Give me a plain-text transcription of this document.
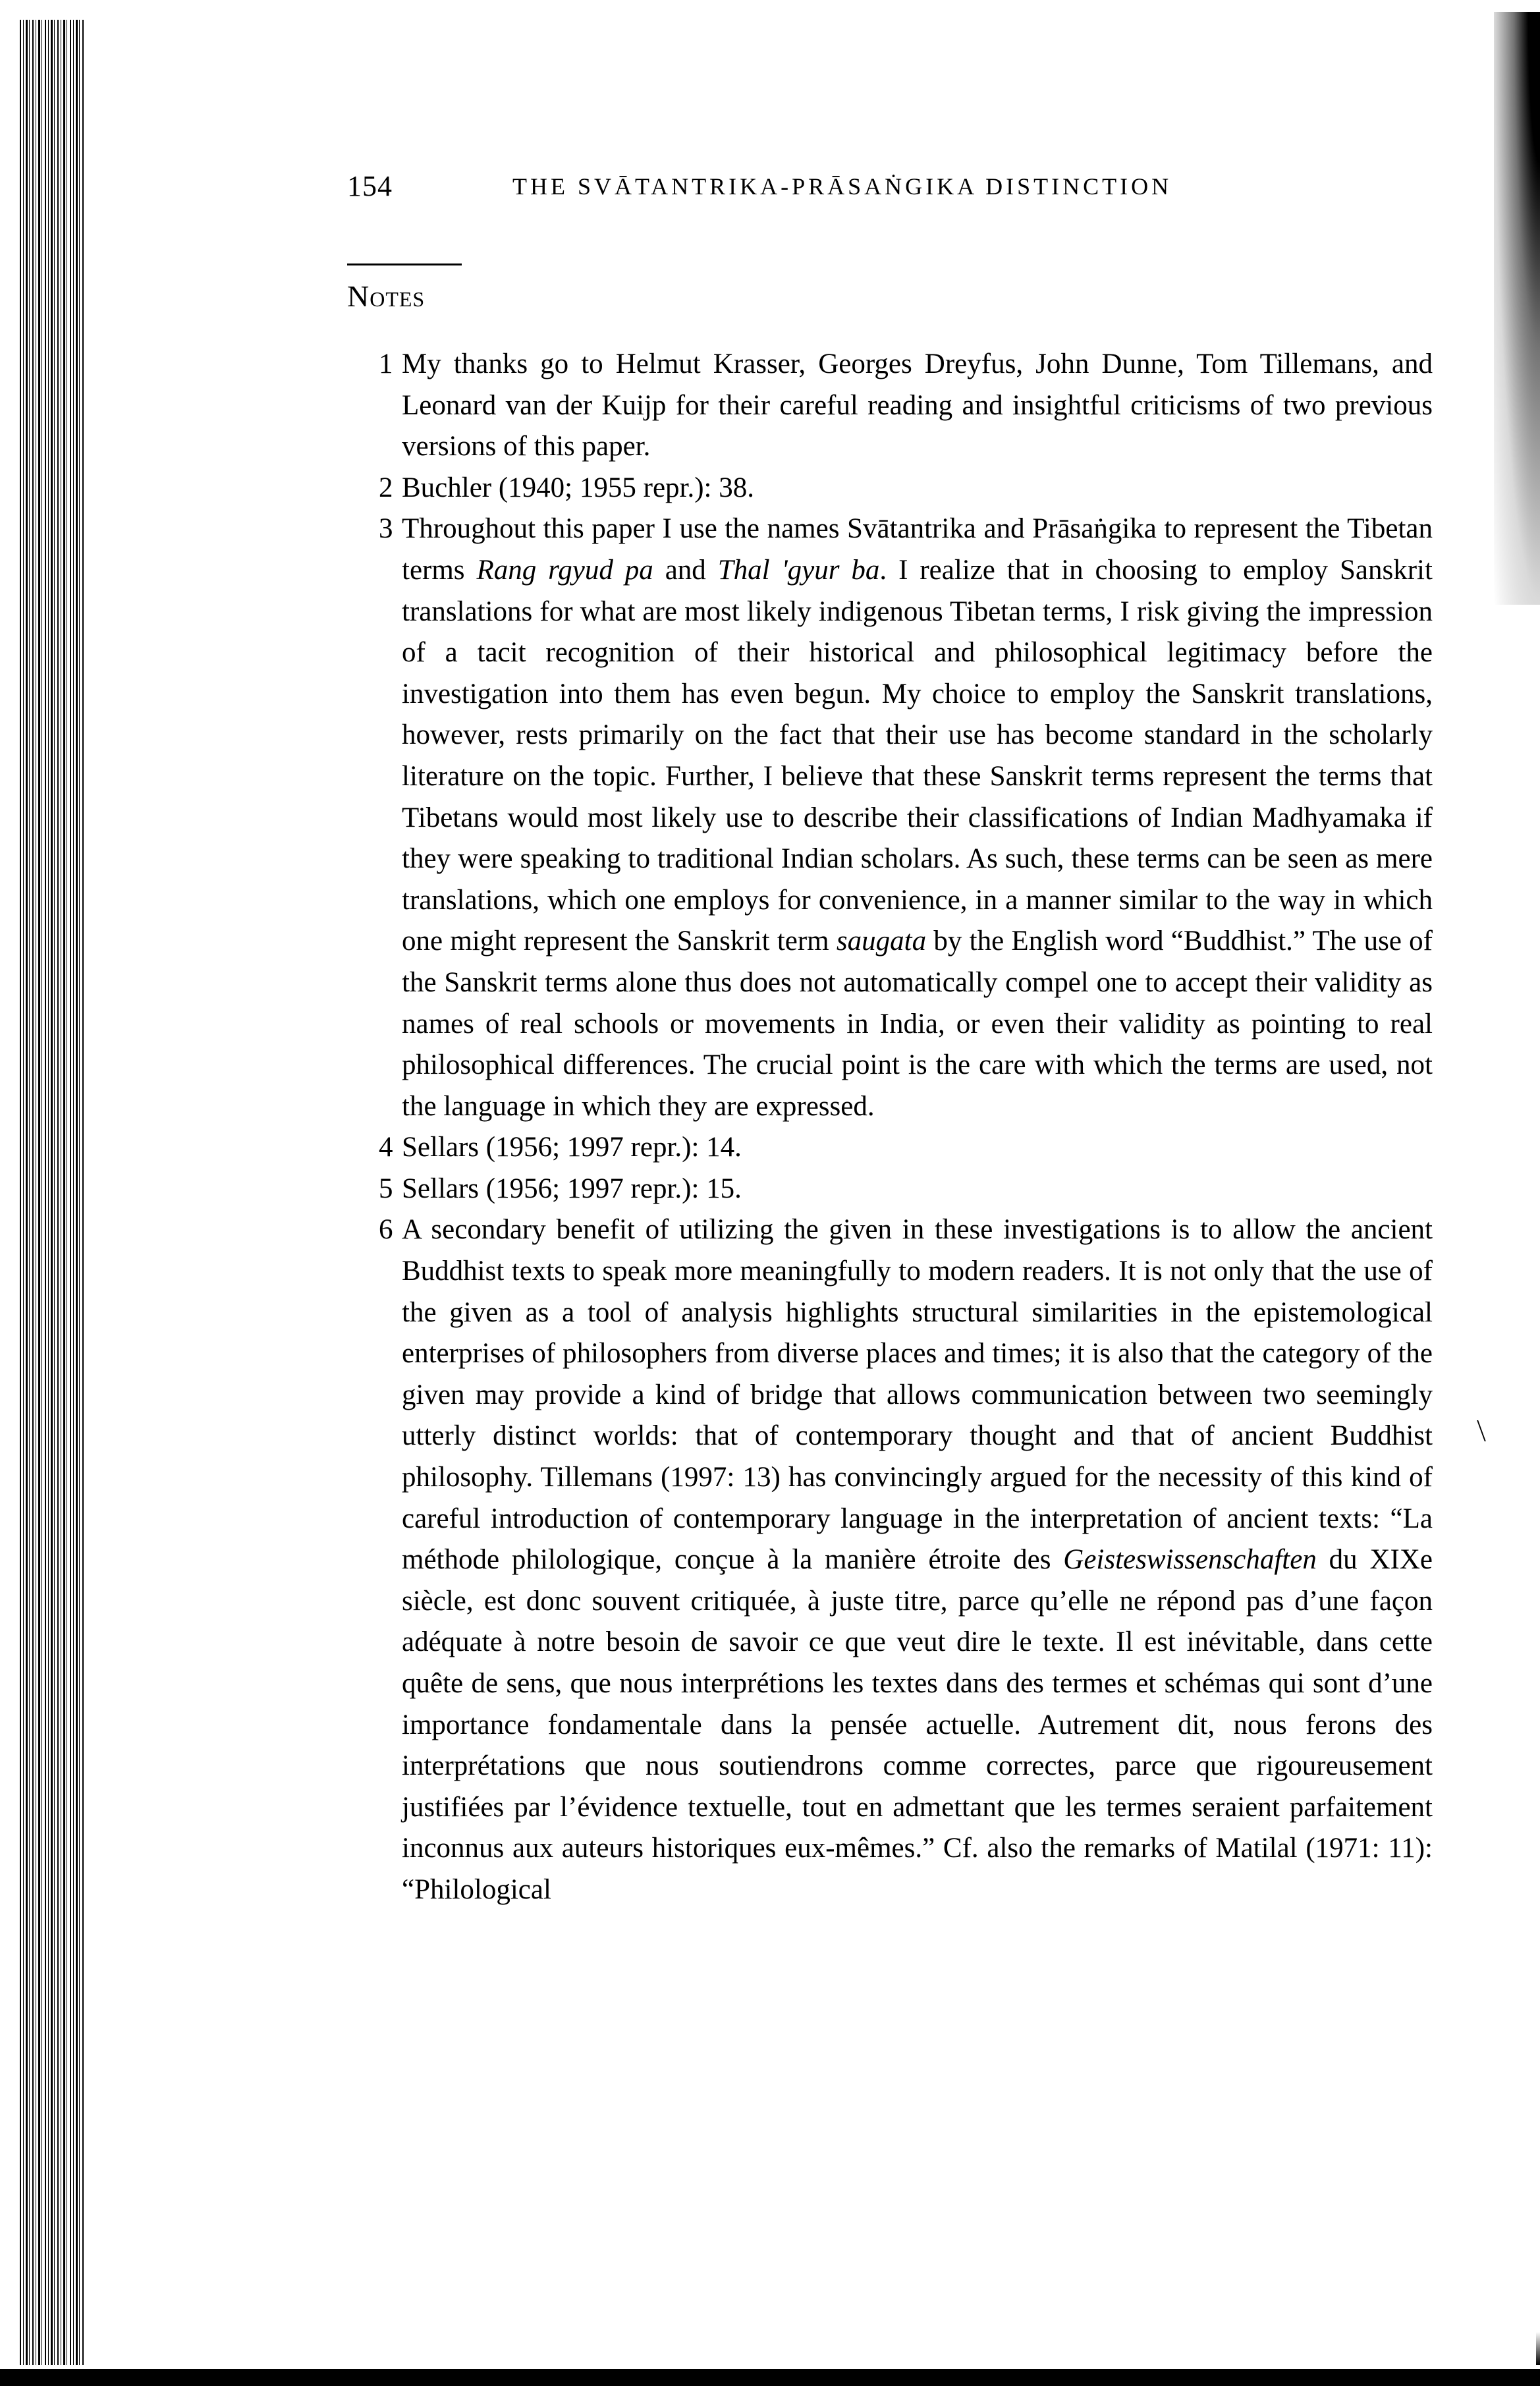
154	THE SVĀTANTRIKA-PRĀSAṄGIKA DISTINCTION
Notes
1 My thanks go to Helmut Krasser, Georges Dreyfus, John Dunne, Tom Tillemans, and Leonard van der Kuijp for their careful reading and insightful criticisms of two previous versions of this paper.
2 Buchler (1940; 1955 repr.): 38.
3 Throughout this paper I use the names Svātantrika and Prāsaṅgika to represent the Tibetan terms Rang rgyud pa and Thal 'gyur ba. I realize that in choosing to employ Sanskrit translations for what are most likely indigenous Tibetan terms, I risk giving the impression of a tacit recognition of their historical and philosophical legitimacy before the investigation into them has even begun. My choice to employ the Sanskrit translations, however, rests primarily on the fact that their use has become standard in the scholarly literature on the topic. Further, I believe that these Sanskrit terms represent the terms that Tibetans would most likely use to describe their classifications of Indian Madhyamaka if they were speaking to traditional Indian scholars. As such, these terms can be seen as mere translations, which one employs for convenience, in a manner similar to the way in which one might represent the Sanskrit term saugata by the English word “Buddhist.” The use of the Sanskrit terms alone thus does not automatically compel one to accept their validity as names of real schools or movements in India, or even their validity as pointing to real philosophical differences. The crucial point is the care with which the terms are used, not the language in which they are expressed.
4 Sellars (1956; 1997 repr.): 14.
5 Sellars (1956; 1997 repr.): 15.
6 A secondary benefit of utilizing the given in these investigations is to allow the ancient Buddhist texts to speak more meaningfully to modern readers. It is not only that the use of the given as a tool of analysis highlights structural similarities in the epistemological enterprises of philosophers from diverse places and times; it is also that the category of the given may provide a kind of bridge that allows communication between two seemingly utterly distinct worlds: that of contemporary thought and that of ancient Buddhist philosophy. Tillemans (1997: 13) has convincingly argued for the necessity of this kind of careful introduction of contemporary language in the interpretation of ancient texts: “La méthode philologique, conçue à la manière étroite des Geisteswissenschaften du XIXe siècle, est donc souvent critiquée, à juste titre, parce qu’elle ne répond pas d’une façon adéquate à notre besoin de savoir ce que veut dire le texte. Il est inévitable, dans cette quête de sens, que nous interprétions les textes dans des termes et schémas qui sont d’une importance fondamentale dans la pensée actuelle. Autrement dit, nous ferons des interprétations que nous soutiendrons comme correctes, parce que rigoureusement justifiées par l’évidence textuelle, tout en admettant que les termes seraient parfaitement inconnus aux auteurs historiques eux-mêmes.” Cf. also the remarks of Matilal (1971: 11): “Philological
